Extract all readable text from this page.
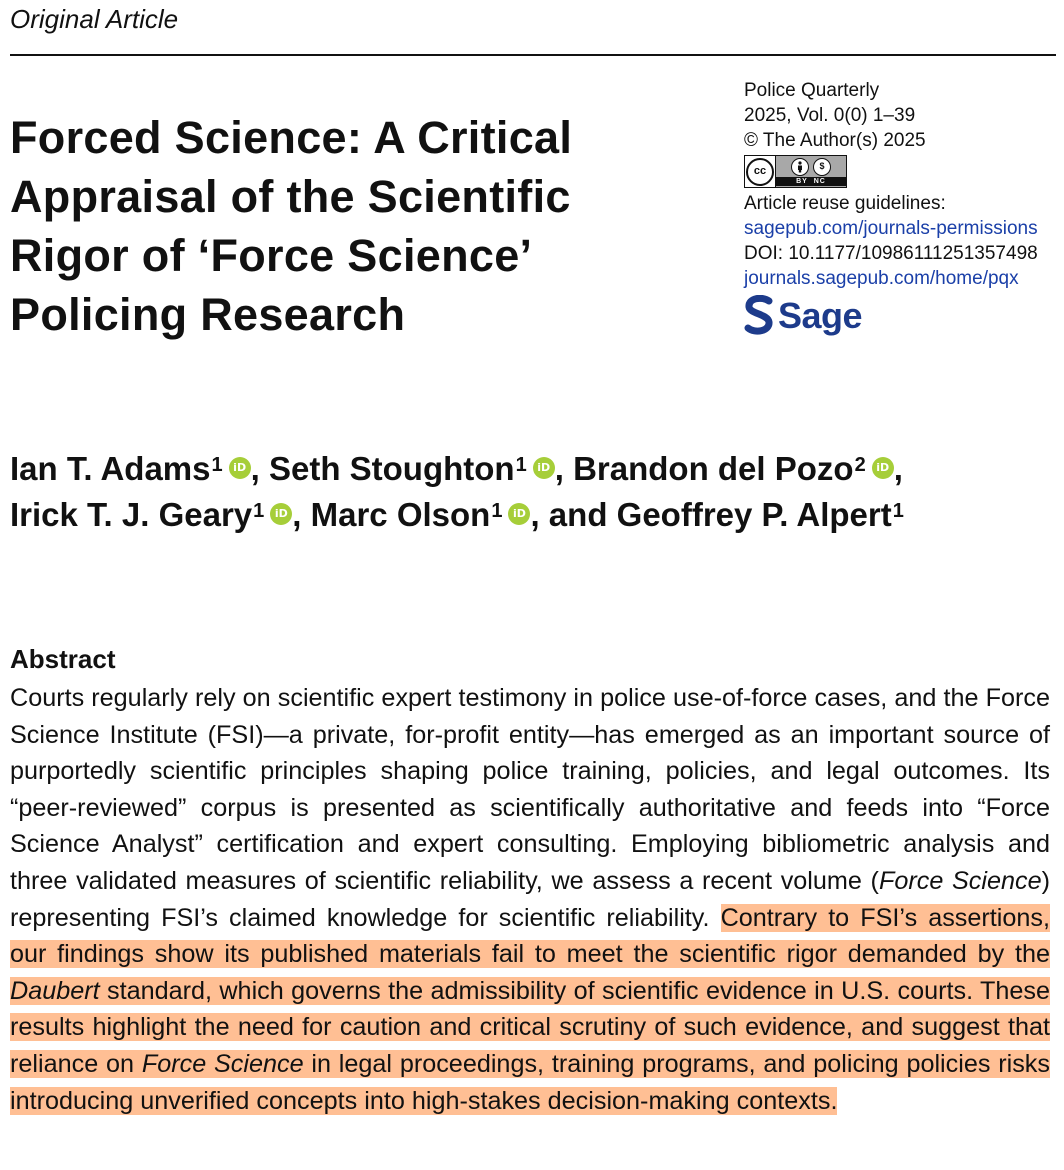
Original Article
Forced Science: A Critical Appraisal of the Scientific Rigor of ‘Force Science’ Policing Research
Police Quarterly
2025, Vol. 0(0) 1–39
© The Author(s) 2025
cc	$
BY NC
Article reuse guidelines:
sagepub.com/journals-permissions
DOI: 10.1177/10986111251357498
journals.sagepub.com/home/pqx
Sage
Ian T. Adams$^1$ iD , Seth Stoughton$^1$ iD , Brandon del Pozo$^2$ iD ,
Irick T. J. Geary$^1$ iD , Marc Olson$^1$ iD , and Geoffrey P. Alpert$^1$
Abstract

Courts regularly rely on scientific expert testimony in police use-of-force cases, and the Force Science Institute (FSI)—a private, for-profit entity—has emerged as an important source of purportedly scientific principles shaping police training, policies, and legal outcomes. Its “peer-reviewed” corpus is presented as scientifically authoritative and feeds into “Force Science Analyst” certification and expert consulting. Employing bibliometric analysis and three validated measures of scientific reliability, we assess a recent volume (Force Science) representing FSI’s claimed knowledge for scientific reliability. Contrary to FSI’s assertions, our findings show its published materials fail to meet the scientific rigor demanded by the Daubert standard, which governs the admissibility of scientific evidence in U.S. courts. These results highlight the need for caution and critical scrutiny of such evidence, and suggest that reliance on Force Science in legal proceedings, training programs, and policing policies risks introducing unverified concepts into high-stakes decision-making contexts.
